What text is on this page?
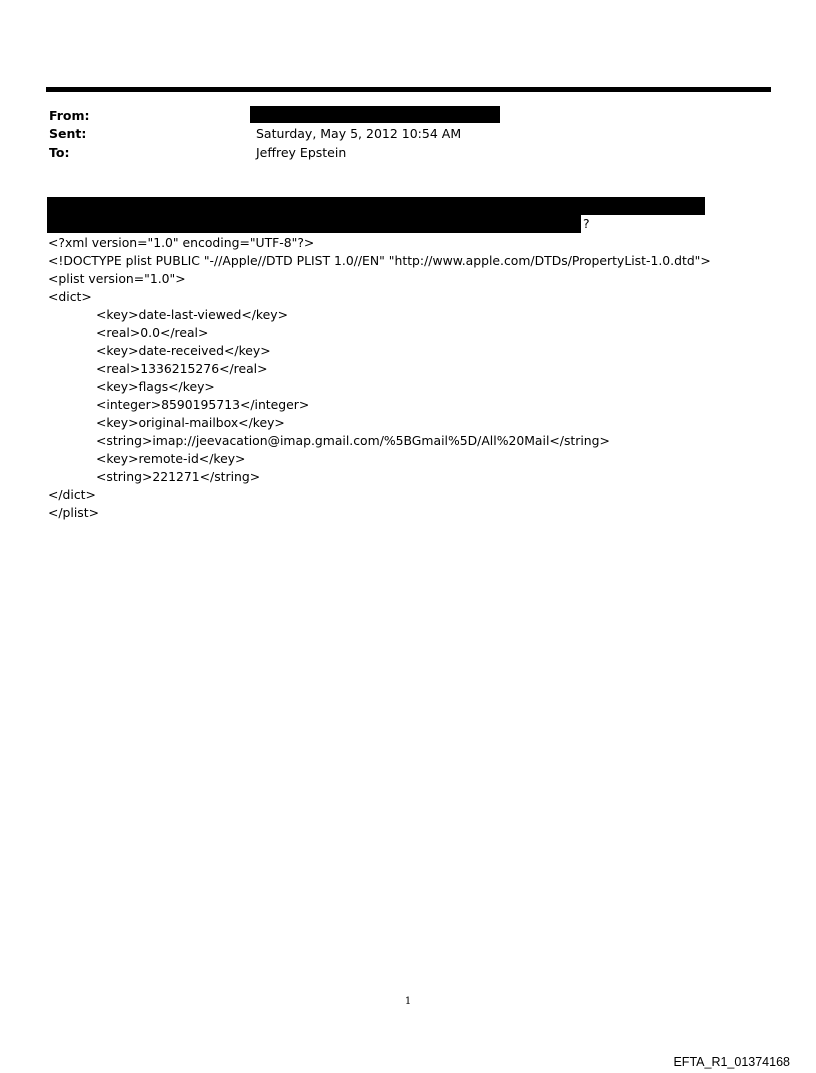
From:
Sent:	Saturday, May 5, 2012 10:54 AM
To:	Jeffrey Epstein
?
<?xml version="1.0" encoding="UTF-8"?>
<!DOCTYPE plist PUBLIC "-//Apple//DTD PLIST 1.0//EN" "http://www.apple.com/DTDs/PropertyList-1.0.dtd">
<plist version="1.0">
<dict>
<key>date-last-viewed</key>
<real>0.0</real>
<key>date-received</key>
<real>1336215276</real>
<key>flags</key>
<integer>8590195713</integer>
<key>original-mailbox</key>
<string>imap://jeevacation@imap.gmail.com/%5BGmail%5D/All%20Mail</string>
<key>remote-id</key>
<string>221271</string>
</dict>
</plist>
1
EFTA_R1_01374168
